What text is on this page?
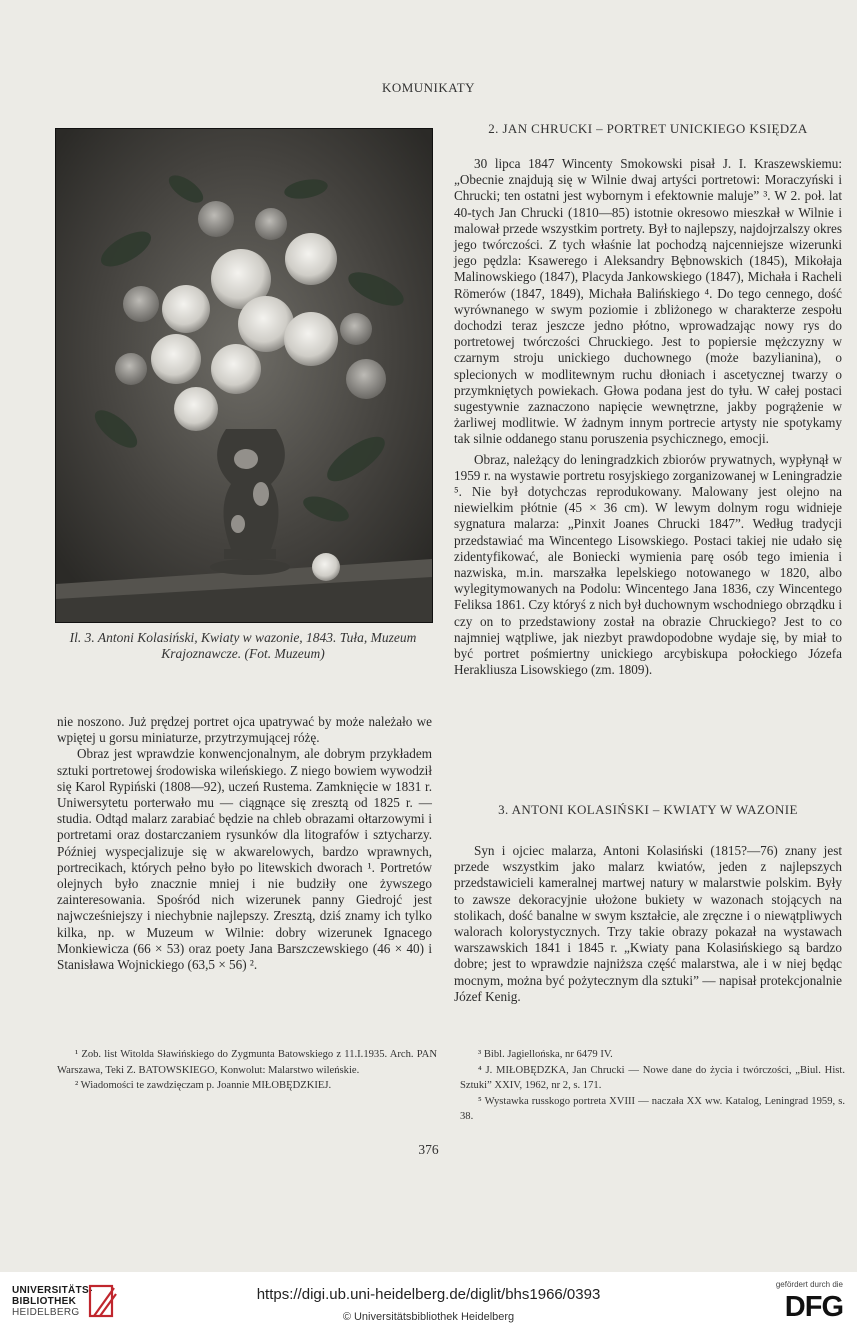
KOMUNIKATY
Il. 3. Antoni Kolasiński, Kwiaty w wazonie, 1843. Tuła, Muzeum Krajoznawcze. (Fot. Muzeum)

nie noszono. Już prędzej portret ojca upatrywać by może należało we wpiętej u gorsu miniaturze, przytrzymującej różę.

Obraz jest wprawdzie konwencjonalnym, ale dobrym przykładem sztuki portretowej środowiska wileńskiego. Z niego bowiem wywodził się Karol Rypiński (1808—92), uczeń Rustema. Zamknięcie w 1831 r. Uniwersytetu porterwało mu — ciągnące się zresztą od 1825 r. — studia. Odtąd malarz zarabiać będzie na chleb obrazami ołtarzowymi i portretami oraz dostarczaniem rysunków dla litografów i sztycharzy. Później wyspecjalizuje się w akwarelowych, bardzo wprawnych, portrecikach, których pełno było po litewskich dworach ¹. Portretów olejnych było znacznie mniej i nie budziły one żywszego zainteresowania. Spośród nich wizerunek panny Giedrojć jest najwcześniejszy i niechybnie najlepszy. Zresztą, dziś znamy ich tylko kilka, np. w Muzeum w Wilnie: dobry wizerunek Ignacego Monkiewicza (66 × 53) oraz poety Jana Barszczewskiego (46 × 40) i Stanisława Wojnickiego (63,5 × 56) ².

2. JAN CHRUCKI – PORTRET UNICKIEGO KSIĘDZA

30 lipca 1847 Wincenty Smokowski pisał J. I. Kraszewskiemu: „Obecnie znajdują się w Wilnie dwaj artyści portretowi: Moraczyński i Chrucki; ten ostatni jest wybornym i efektownie maluje” ³. W 2. poł. lat 40-tych Jan Chrucki (1810—85) istotnie okresowo mieszkał w Wilnie i malował przede wszystkim portrety. Był to najlepszy, najdojrzalszy okres jego twórczości. Z tych właśnie lat pochodzą najcenniejsze wizerunki jego pędzla: Ksawerego i Aleksandry Bębnowskich (1845), Mikołaja Malinowskiego (1847), Placyda Jankowskiego (1847), Michała i Racheli Römerów (1847, 1849), Michała Balińskiego ⁴. Do tego cennego, dość wyrównanego w swym poziomie i zbliżonego w charakterze zespołu dochodzi teraz jeszcze jedno płótno, wprowadzając nowy rys do portretowej twórczości Chruckiego. Jest to popiersie mężczyzny w czarnym stroju unickiego duchownego (może bazylianina), o splecionych w modlitewnym ruchu dłoniach i ascetycznej twarzy o przymkniętych powiekach. Głowa podana jest do tyłu. W całej postaci sugestywnie zaznaczono napięcie wewnętrzne, jakby pogrążenie w żarliwej modlitwie. W żadnym innym portrecie artysty nie spotykamy tak silnie oddanego stanu poruszenia psychicznego, emocji.

Obraz, należący do leningradzkich zbiorów prywatnych, wypłynął w 1959 r. na wystawie portretu rosyjskiego zorganizowanej w Leningradzie ⁵. Nie był dotychczas reprodukowany. Malowany jest olejno na niewielkim płótnie (45 × 36 cm). W lewym dolnym rogu widnieje sygnatura malarza: „Pinxit Joanes Chrucki 1847”. Według tradycji przedstawiać ma Wincentego Lisowskiego. Postaci takiej nie udało się zidentyfikować, ale Boniecki wymienia parę osób tego imienia i nazwiska, m.in. marszałka lepelskiego notowanego w 1820, albo wylegitymowanych na Podolu: Wincentego Jana 1836, czy Wincentego Feliksa 1861. Czy któryś z nich był duchownym wschodniego obrządku i czy on to przedstawiony został na obrazie Chruckiego? Jest to co najmniej wątpliwe, jak niezbyt prawdopodobne wydaje się, by miał to być portret pośmiertny unickiego arcybiskupa połockiego Józefa Herakliusza Lisowskiego (zm. 1809).

3. ANTONI KOLASIŃSKI – KWIATY W WAZONIE

Syn i ojciec malarza, Antoni Kolasiński (1815?—76) znany jest przede wszystkim jako malarz kwiatów, jeden z najlepszych przedstawicieli kameralnej martwej natury w malarstwie polskim. Były to zawsze dekoracyjnie ułożone bukiety w wazonach stojących na stolikach, dość banalne w swym kształcie, ale zręczne i o niewątpliwych walorach kolorystycznych. Trzy takie obrazy pokazał na wystawach warszawskich 1841 i 1845 r. „Kwiaty pana Kolasińskiego są bardzo dobre; jest to wprawdzie najniższa część malarstwa, ale i w niej będąc mocnym, można być pożytecznym dla sztuki” — napisał protekcjonalnie Józef Kenig.

¹ Zob. list Witolda Sławińskiego do Zygmunta Batowskiego z 11.I.1935. Arch. PAN Warszawa, Teki Z. BATOWSKIEGO, Konwolut: Malarstwo wileńskie.

² Wiadomości te zawdzięczam p. Joannie MIŁOBĘDZKIEJ.

³ Bibl. Jagiellońska, nr 6479 IV.

⁴ J. MIŁOBĘDZKA, Jan Chrucki — Nowe dane do życia i twórczości, „Biul. Hist. Sztuki” XXIV, 1962, nr 2, s. 171.

⁵ Wystawka russkogo portreta XVIII — naczała XX ww. Katalog, Leningrad 1959, s. 38.

376
UNIVERSITÄTS-
BIBLIOTHEK
HEIDELBERG
https://digi.ub.uni-heidelberg.de/diglit/bhs1966/0393
© Universitätsbibliothek Heidelberg
gefördert durch die
DFG
